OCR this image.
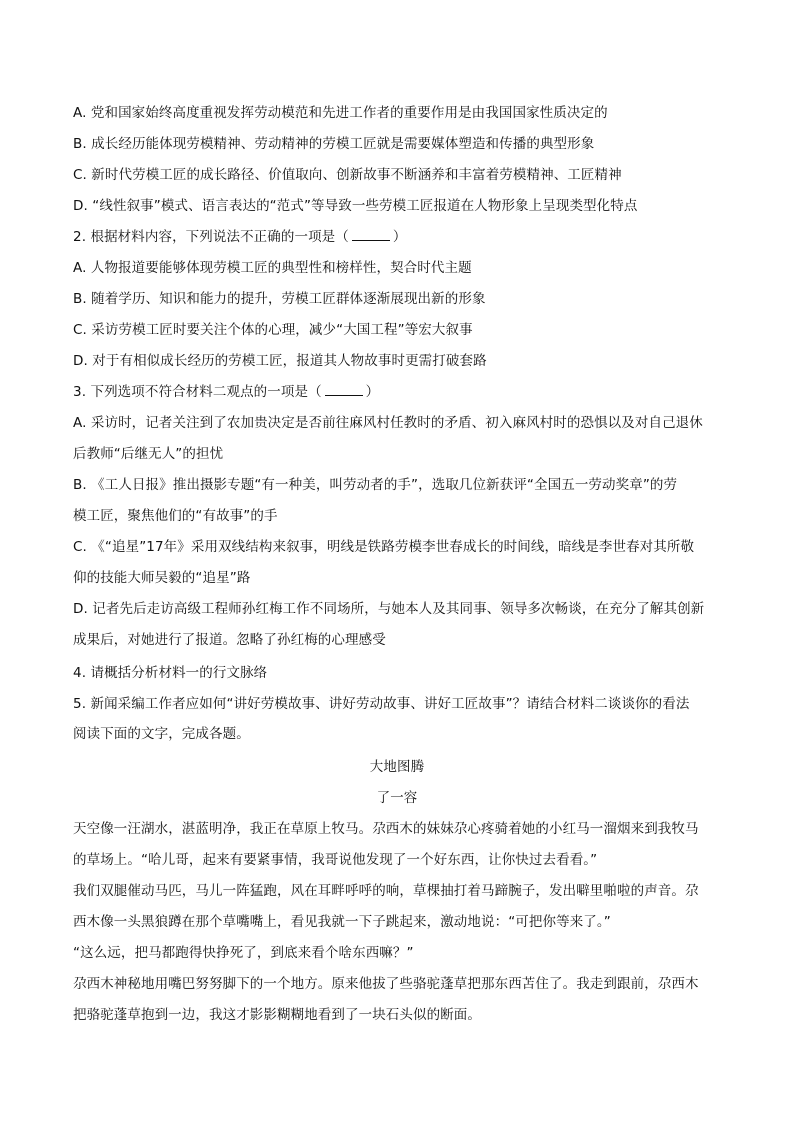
A. 党和国家始终高度重视发挥劳动模范和先进工作者的重要作用是由我国国家性质决定的
B. 成长经历能体现劳模精神、劳动精神的劳模工匠就是需要媒体塑造和传播的典型形象
C. 新时代劳模工匠的成长路径、价值取向、创新故事不断涵养和丰富着劳模精神、工匠精神
D. “线性叙事”模式、语言表达的“范式”等导致一些劳模工匠报道在人物形象上呈现类型化特点
2. 根据材料内容，下列说法不正确的一项是（	）
A. 人物报道要能够体现劳模工匠的典型性和榜样性，契合时代主题
B. 随着学历、知识和能力的提升，劳模工匠群体逐渐展现出新的形象
C. 采访劳模工匠时要关注个体的心理，减少“大国工程”等宏大叙事
D. 对于有相似成长经历的劳模工匠，报道其人物故事时更需打破套路
3. 下列选项不符合材料二观点的一项是（	）
A. 采访时，记者关注到了农加贵决定是否前往麻风村任教时的矛盾、初入麻风村时的恐惧以及对自己退休
后教师“后继无人”的担忧
B. 《工人日报》推出摄影专题“有一种美，叫劳动者的手”，选取几位新获评“全国五一劳动奖章”的劳
模工匠，聚焦他们的“有故事”的手
C. 《“追星”17年》采用双线结构来叙事，明线是铁路劳模李世春成长的时间线，暗线是李世春对其所敬
仰的技能大师吴毅的“追星”路
D. 记者先后走访高级工程师孙红梅工作不同场所，与她本人及其同事、领导多次畅谈，在充分了解其创新
成果后，对她进行了报道。忽略了孙红梅的心理感受
4. 请概括分析材料一的行文脉络
5. 新闻采编工作者应如何“讲好劳模故事、讲好劳动故事、讲好工匠故事”？请结合材料二谈谈你的看法
阅读下面的文字，完成各题。
大地图腾
了一容
天空像一汪湖水，湛蓝明净，我正在草原上牧马。尕西木的妹妹尕心疼骑着她的小红马一溜烟来到我牧马
的草场上。“哈儿哥，起来有要紧事情，我哥说他发现了一个好东西，让你快过去看看。”
我们双腿催动马匹，马儿一阵猛跑，风在耳畔呼呼的响，草棵抽打着马蹄腕子，发出噼里啪啦的声音。尕
西木像一头黑狼蹲在那个草嘴嘴上，看见我就一下子跳起来，激动地说：“可把你等来了。”
“这么远，把马都跑得快挣死了，到底来看个啥东西嘛？”
尕西木神秘地用嘴巴努努脚下的一个地方。原来他拔了些骆驼蓬草把那东西苫住了。我走到跟前，尕西木
把骆驼蓬草抱到一边，我这才影影糊糊地看到了一块石头似的断面。
